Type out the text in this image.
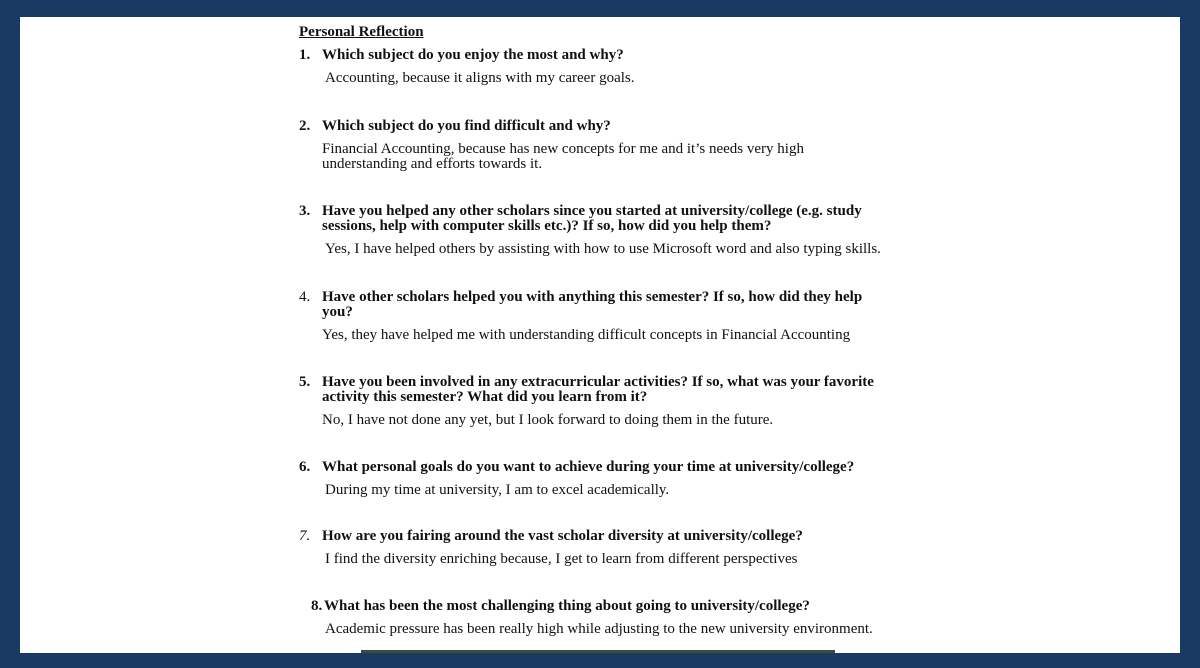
Personal Reflection
1. Which subject do you enjoy the most and why?
Accounting, because it aligns with my career goals.
2. Which subject do you find difficult and why?
Financial Accounting, because has new concepts for me and it’s needs very high understanding and efforts towards it.
3. Have you helped any other scholars since you started at university/college (e.g. study sessions, help with computer skills etc.)? If so, how did you help them?
Yes, I have helped others by assisting with how to use Microsoft word and also typing skills.
4. Have other scholars helped you with anything this semester? If so, how did they help you?
Yes, they have helped me with understanding difficult concepts in Financial Accounting
5. Have you been involved in any extracurricular activities? If so, what was your favorite activity this semester? What did you learn from it?
No, I have not done any yet, but I look forward to doing them in the future.
6. What personal goals do you want to achieve during your time at university/college?
During my time at university, I am to excel academically.
7. How are you fairing around the vast scholar diversity at university/college?
I find the diversity enriching because, I get to learn from different perspectives
8. What has been the most challenging thing about going to university/college?
Academic pressure has been really high while adjusting to the new university environment.
